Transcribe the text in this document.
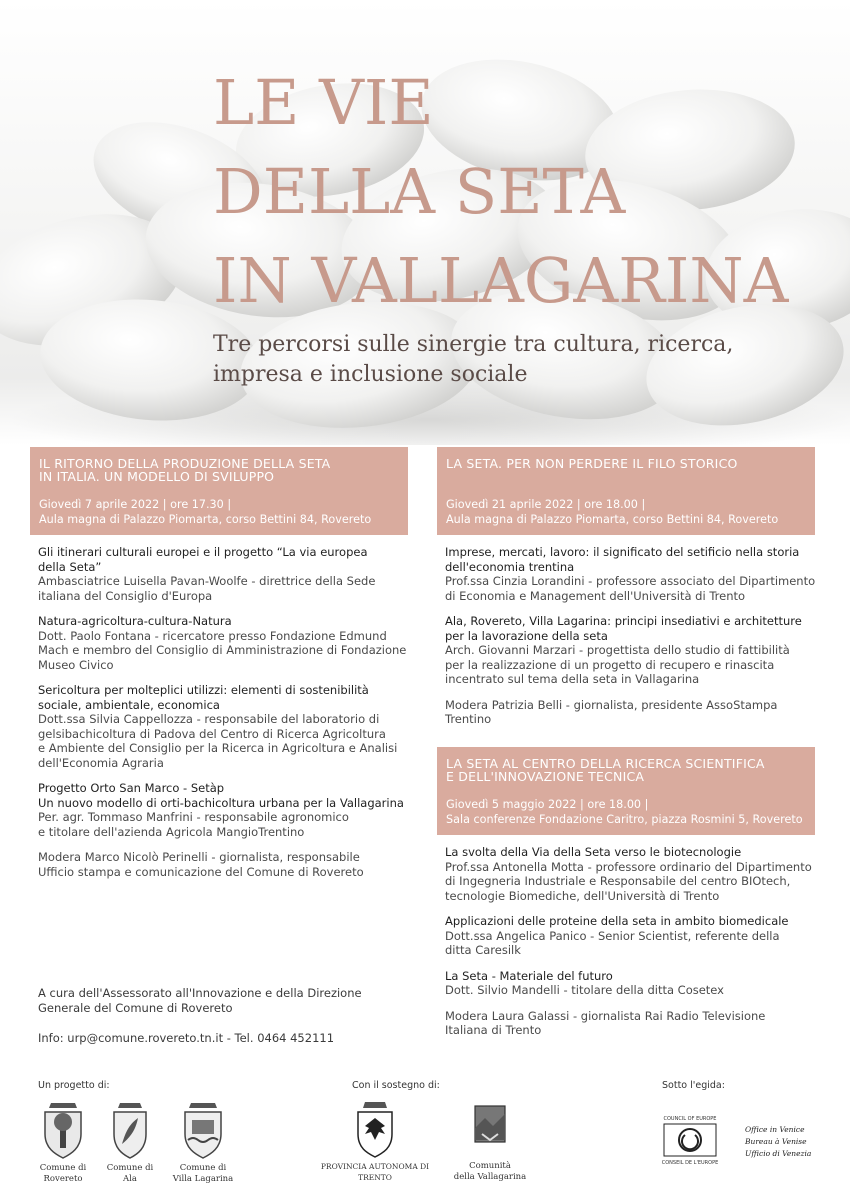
LE VIE
DELLA SETA
IN VALLAGARINA
Tre percorsi sulle sinergie tra cultura, ricerca,
impresa e inclusione sociale
IL RITORNO DELLA PRODUZIONE DELLA SETA
IN ITALIA. UN MODELLO DI SVILUPPO
Giovedì 7 aprile 2022 | ore 17.30 |
Aula magna di Palazzo Piomarta, corso Bettini 84, Rovereto
Gli itinerari culturali europei e il progetto “La via europea
della Seta”
Ambasciatrice Luisella Pavan-Woolfe - direttrice della Sede
italiana del Consiglio d'Europa
Natura-agricoltura-cultura-Natura
Dott. Paolo Fontana - ricercatore presso Fondazione Edmund
Mach e membro del Consiglio di Amministrazione di Fondazione
Museo Civico
Sericoltura per molteplici utilizzi: elementi di sostenibilità
sociale, ambientale, economica
Dott.ssa Silvia Cappellozza - responsabile del laboratorio di
gelsibachicoltura di Padova del Centro di Ricerca Agricoltura
e Ambiente del Consiglio per la Ricerca in Agricoltura e Analisi
dell'Economia Agraria
Progetto Orto San Marco - Setàp
Un nuovo modello di orti-bachicoltura urbana per la Vallagarina
Per. agr. Tommaso Manfrini - responsabile agronomico
e titolare dell'azienda Agricola MangioTrentino
Modera Marco Nicolò Perinelli - giornalista, responsabile
Ufficio stampa e comunicazione del Comune di Rovereto
LA SETA. PER NON PERDERE IL FILO STORICO
Giovedì 21 aprile 2022 | ore 18.00 |
Aula magna di Palazzo Piomarta, corso Bettini 84, Rovereto
Imprese, mercati, lavoro: il significato del setificio nella storia
dell'economia trentina
Prof.ssa Cinzia Lorandini - professore associato del Dipartimento
di Economia e Management dell'Università di Trento
Ala, Rovereto, Villa Lagarina: principi insediativi e architetture
per la lavorazione della seta
Arch. Giovanni Marzari - progettista dello studio di fattibilità
per la realizzazione di un progetto di recupero e rinascita
incentrato sul tema della seta in Vallagarina
Modera Patrizia Belli - giornalista, presidente AssoStampa
Trentino
LA SETA AL CENTRO DELLA RICERCA SCIENTIFICA
E DELL'INNOVAZIONE TECNICA
Giovedì 5 maggio 2022 | ore 18.00 |
Sala conferenze Fondazione Caritro, piazza Rosmini 5, Rovereto
La svolta della Via della Seta verso le biotecnologie
Prof.ssa Antonella Motta - professore ordinario del Dipartimento
di Ingegneria Industriale e Responsabile del centro BIOtech,
tecnologie Biomediche, dell'Università di Trento
Applicazioni delle proteine della seta in ambito biomedicale
Dott.ssa Angelica Panico - Senior Scientist, referente della
ditta Caresilk
La Seta - Materiale del futuro
Dott. Silvio Mandelli - titolare della ditta Cosetex
Modera Laura Galassi - giornalista Rai Radio Televisione
Italiana di Trento
A cura dell'Assessorato all'Innovazione e della Direzione
Generale del Comune di Rovereto
Info: urp@comune.rovereto.tn.it - Tel. 0464 452111
Un progetto di:	Con il sostegno di:	Sotto l'egida:
Comune di
Rovereto
Comune di
Ala
Comune di
Villa Lagarina
PROVINCIA AUTONOMA DI TRENTO
Comunità
della Vallagarina
COUNCIL OF EUROPE
CONSEIL DE L'EUROPE
Office in Venice
Bureau à Venise
Ufficio di Venezia
